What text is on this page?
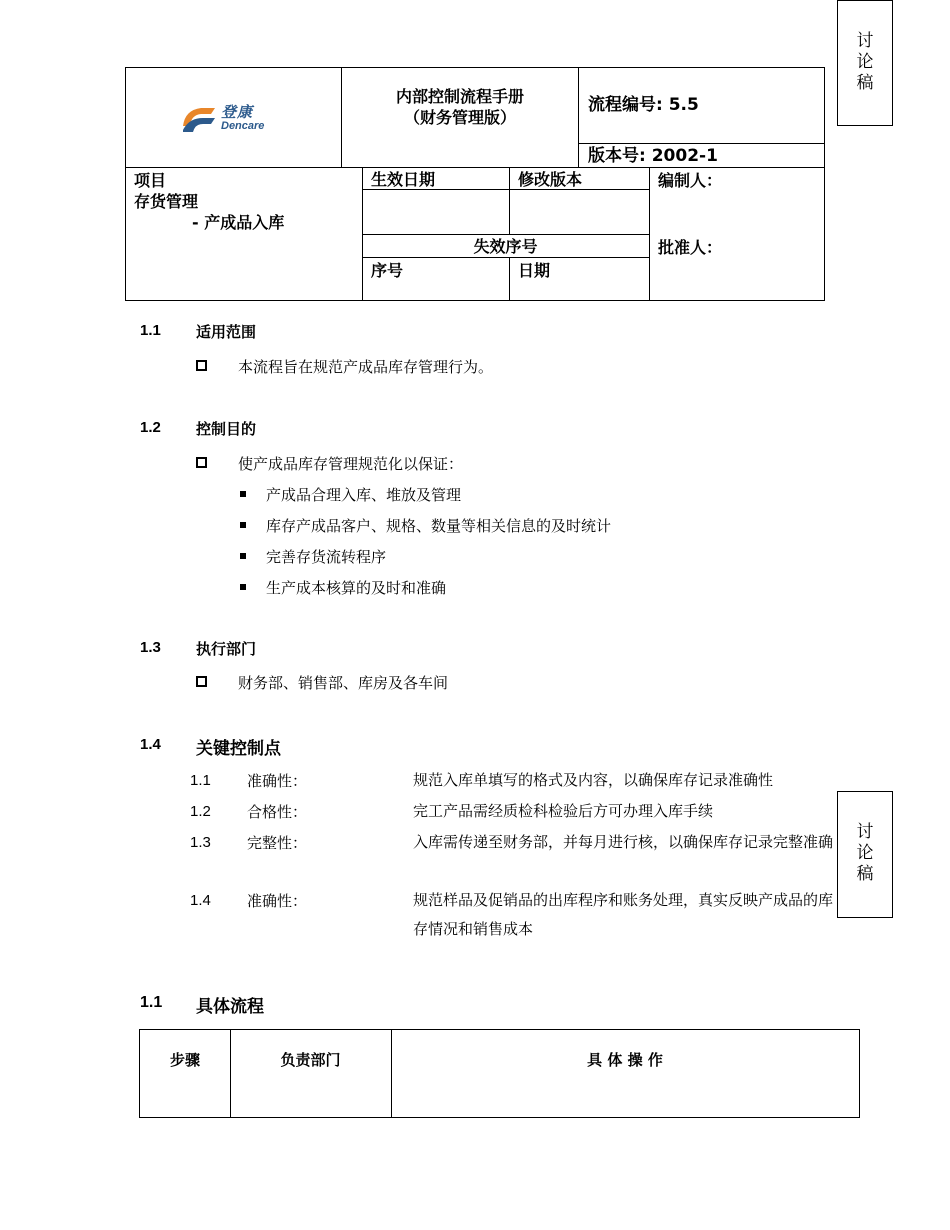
讨
论
稿
讨
论
稿
登康
Dencare
内部控制流程手册
（财务管理版）
流程编号: 5.5
版本号: 2002-1
项目
存货管理
- 产成品入库
生效日期	修改版本
失效序号
序号	日期
编制人：
批准人：
1.1 适用范围
本流程旨在规范产成品库存管理行为。
1.2 控制目的
使产成品库存管理规范化以保证：
产成品合理入库、堆放及管理
库存产成品客户、规格、数量等相关信息的及时统计
完善存货流转程序
生产成本核算的及时和准确
1.3 执行部门
财务部、销售部、库房及各车间
1.4 关键控制点
1.1 准确性：	规范入库单填写的格式及内容，以确保库存记录准确性
1.2 合格性：	完工产品需经质检科检验后方可办理入库手续
1.3 完整性：	入库需传递至财务部，并每月进行核，以确保库存记录完整准确
1.4 准确性：	规范样品及促销品的出库程序和账务处理，真实反映产成品的库存情况和销售成本
1.1 具体流程
步骤	负责部门	具 体 操 作
